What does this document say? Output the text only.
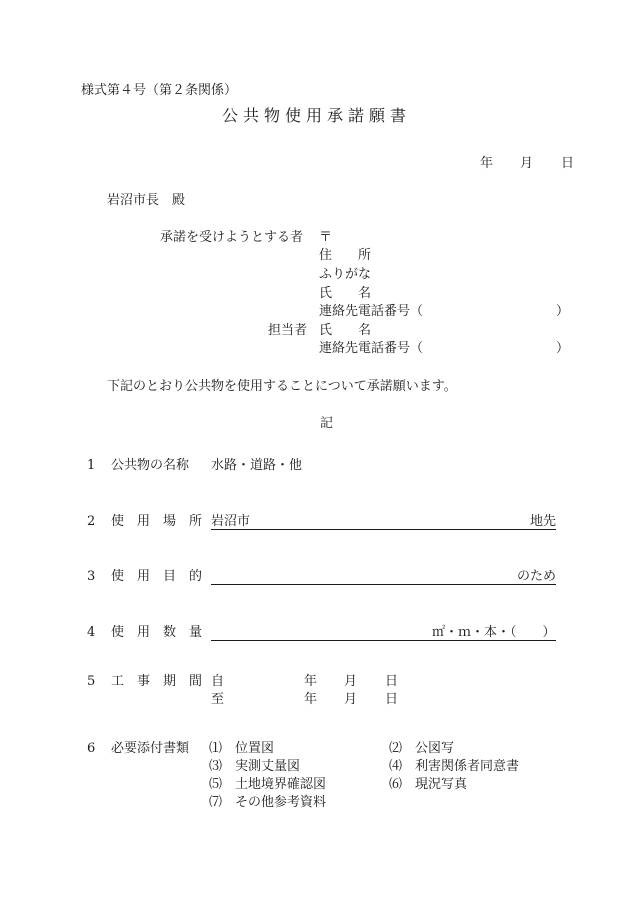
様式第４号（第２条関係）
公共物使用承諾願書
年 月 日
岩沼市長　殿
承諾を受けようとする者 〒
住　　所
ふりがな
氏　　名
連絡先電話番号（	）
担当者 氏　　名
連絡先電話番号（	）
下記のとおり公共物を使用することについて承諾願います。
記
1 公共物の名称 水路・道路・他
2 使　用　場　所 岩沼市	地先
3 使　用　目　的	のため
4 使　用　数　量	㎡・ｍ・本・（　　）
5 工　事　期　間 自	年 月 日
至	年 月 日
6 必要添付書類 ⑴　位置図	⑵　公図写
⑶　実測丈量図	⑷　利害関係者同意書
⑸　土地境界確認図	⑹　現況写真
⑺　その他参考資料
